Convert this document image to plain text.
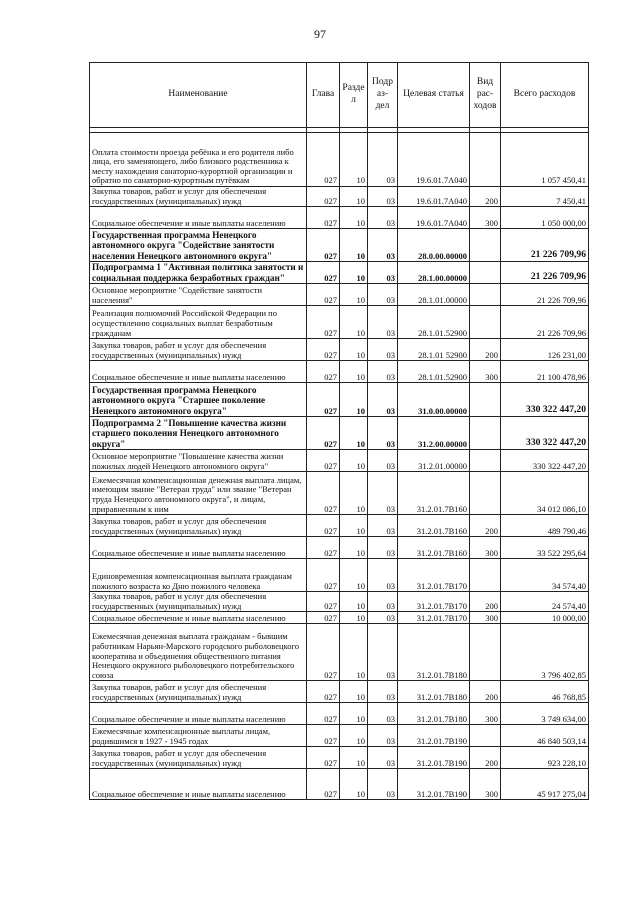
97
Наименование	Глава	Разде л	Подр аз- дел	Целевая статья	Вид рас- ходов	Всего расходов

Оплата стоимости проезда ребёнка и его родителя либо лица, его заменяющего, либо близкого родственника к месту нахождения санаторно-курортной организации и обратно по санаторно-курортным путёвкам	027	10	03	19.6.01.7А040		1 057 450,41
Закупка товаров, работ и услуг для обеспечения государственных (муниципальных) нужд	027	10	03	19.6.01.7А040	200	7 450,41
Социальное обеспечение и иные выплаты населению	027	10	03	19.6.01.7А040	300	1 050 000,00
Государственная программа Ненецкого автономного округа "Содействие занятости населения Ненецкого автономного округа"	027	10	03	28.0.00.00000		21 226 709,96
Подпрограмма 1 "Активная политика занятости и социальная поддержка безработных граждан"	027	10	03	28.1.00.00000		21 226 709,96
Основное мероприятие "Содействие занятости населения"	027	10	03	28.1.01.00000		21 226 709,96
Реализация полномочий Российской Федерации по осуществлению социальных выплат безработным гражданам	027	10	03	28.1.01.52900		21 226 709,96
Закупка товаров, работ и услуг для обеспечения государственных (муниципальных) нужд	027	10	03	28.1.01 52900	200	126 231,00
Социальное обеспечение и иные выплаты населению	027	10	03	28.1.01.52900	300	21 100 478,96
Государственная программа Ненецкого автономного округа "Старшее поколение Ненецкого автономного округа"	027	10	03	31.0.00.00000		330 322 447,20
Подпрограмма 2 "Повышение качества жизни старшего поколения Ненецкого автономного округа"	027	10	03	31.2.00.00000		330 322 447,20
Основное мероприятие "Повышение качества жизни пожилых людей Ненецкого автономного округа"	027	10	03	31.2.01.00000		330 322 447,20
Ежемесячная компенсационная денежная выплата лицам, имеющим звание "Ветеран труда" или звание "Ветеран труда Ненецкого автономного округа", и лицам, приравненным к ним	027	10	03	31.2.01.7В160		34 012 086,10
Закупка товаров, работ и услуг для обеспечения государственных (муниципальных) нужд	027	10	03	31.2.01.7В160	200	489 790,46
Социальное обеспечение и иные выплаты населению	027	10	03	31.2.01.7В160	300	33 522 295,64
Единовременная компенсационная выплата гражданам пожилого возраста ко Дню пожилого человека	027	10	03	31.2.01.7В170		34 574,40
Закупка товаров, работ и услуг для обеспечения государственных (муниципальных) нужд	027	10	03	31.2.01.7В170	200	24 574,40
Социальное обеспечение и иные выплаты населению	027	10	03	31.2.01.7В170	300	10 000,00
Ежемесячная денежная выплата гражданам - бывшим работникам Нарьян-Марского городского рыболовецкого кооператива и объединения общественного питания Ненецкого окружного рыболовецкого потребительского союза	027	10	03	31.2.01.7В180		3 796 402,85
Закупка товаров, работ и услуг для обеспечения государственных (муниципальных) нужд	027	10	03	31.2.01.7В180	200	46 768,85
Социальное обеспечение и иные выплаты населению	027	10	03	31.2.01.7В180	300	3 749 634,00
Ежемесячные компенсационные выплаты лицам, родившимся в 1927 - 1945 годах	027	10	03	31.2.01.7В190		46 840 503,14
Закупка товаров, работ и услуг для обеспечения государственных (муниципальных) нужд	027	10	03	31.2.01.7В190	200	923 228,10
Социальное обеспечение и иные выплаты населению	027	10	03	31.2.01.7В190	300	45 917 275,04
